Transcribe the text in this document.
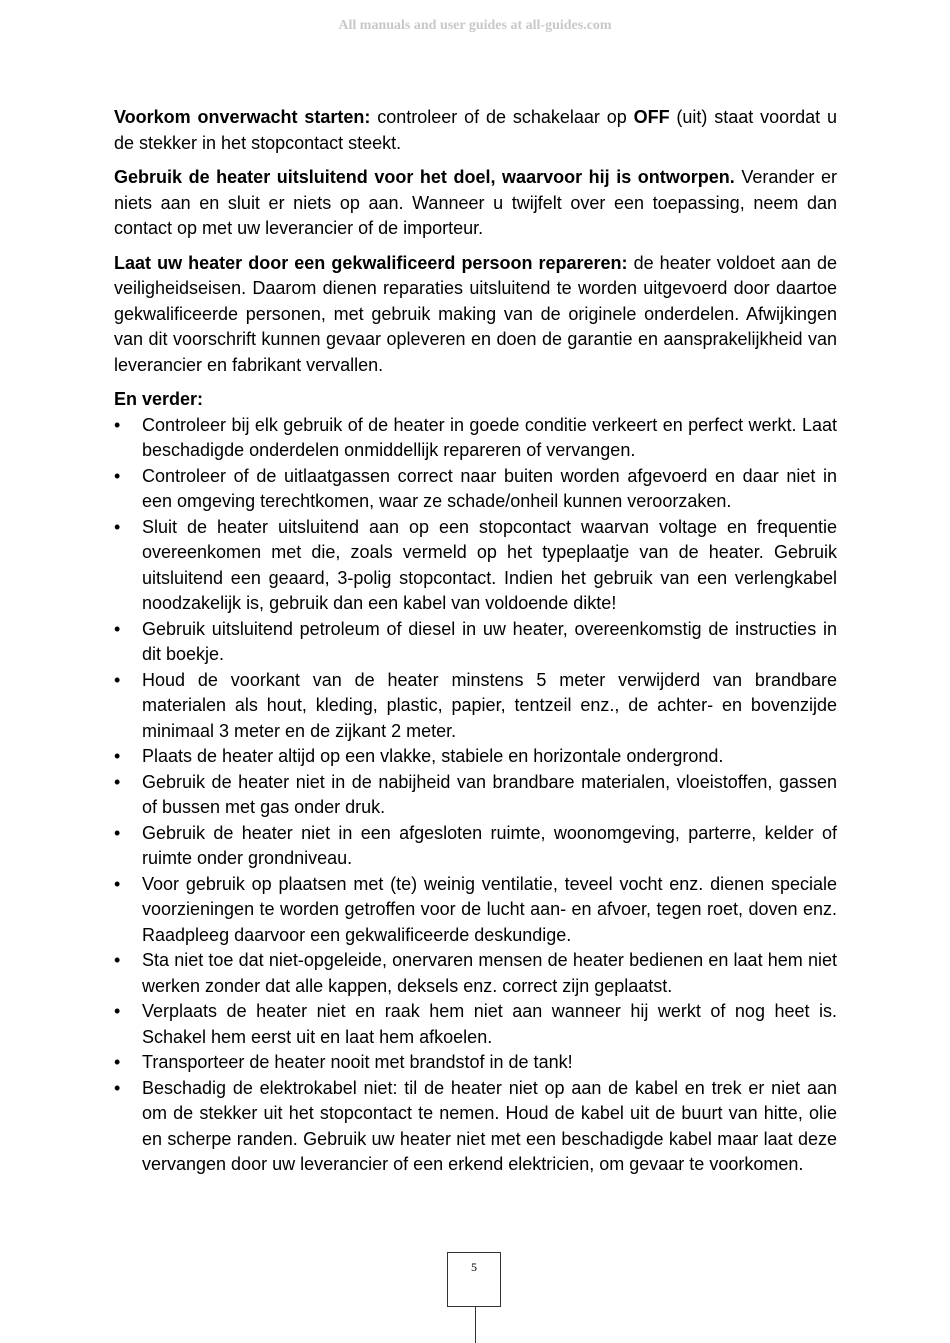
All manuals and user guides at all-guides.com

Voorkom onverwacht starten: controleer of de schakelaar op OFF (uit) staat voordat u de stekker in het stopcontact steekt.

Gebruik de heater uitsluitend voor het doel, waarvoor hij is ontworpen. Verander er niets aan en sluit er niets op aan. Wanneer u twijfelt over een toepassing, neem dan contact op met uw leverancier of de importeur.

Laat uw heater door een gekwalificeerd persoon repareren: de heater voldoet aan de veiligheidseisen. Daarom dienen reparaties uitsluitend te worden uitgevoerd door daartoe gekwalificeerde personen, met gebruik making van de originele onderdelen. Afwijkingen van dit voorschrift kunnen gevaar opleveren en doen de garantie en aansprakelijkheid van leverancier en fabrikant vervallen.

En verder:

•	Controleer bij elk gebruik of de heater in goede conditie verkeert en perfect werkt. Laat beschadigde onderdelen onmiddellijk repareren of vervangen.
•	Controleer of de uitlaatgassen correct naar buiten worden afgevoerd en daar niet in een omgeving terechtkomen, waar ze schade/onheil kunnen veroorzaken.
•	Sluit de heater uitsluitend aan op een stopcontact waarvan voltage en frequentie overeenkomen met die, zoals vermeld op het typeplaatje van de heater. Gebruik uitsluitend een geaard, 3-polig stopcontact. Indien het gebruik van een verlengkabel noodzakelijk is, gebruik dan een kabel van voldoende dikte!
•	Gebruik uitsluitend petroleum of diesel in uw heater, overeenkomstig de instructies in dit boekje.
•	Houd de voorkant van de heater minstens 5 meter verwijderd van brandbare materialen als hout, kleding, plastic, papier, tentzeil enz., de achter- en bovenzijde minimaal 3 meter en de zijkant 2 meter.
•	Plaats de heater altijd op een vlakke, stabiele en horizontale ondergrond.
•	Gebruik de heater niet in de nabijheid van brandbare materialen, vloeistoffen, gassen of bussen met gas onder druk.
•	Gebruik de heater niet in een afgesloten ruimte, woonomgeving, parterre, kelder of ruimte onder grondniveau.
•	Voor gebruik op plaatsen met (te) weinig ventilatie, teveel vocht enz. dienen speciale voorzieningen te worden getroffen voor de lucht aan- en afvoer, tegen roet, doven enz. Raadpleeg daarvoor een gekwalificeerde deskundige.
•	Sta niet toe dat niet-opgeleide, onervaren mensen de heater bedienen en laat hem niet werken zonder dat alle kappen, deksels enz. correct zijn geplaatst.
•	Verplaats de heater niet en raak hem niet aan wanneer hij werkt of nog heet is. Schakel hem eerst uit en laat hem afkoelen.
•	Transporteer de heater nooit met brandstof in de tank!
•	Beschadig de elektrokabel niet: til de heater niet op aan de kabel en trek er niet aan om de stekker uit het stopcontact te nemen. Houd de kabel uit de buurt van hitte, olie en scherpe randen. Gebruik uw heater niet met een beschadigde kabel maar laat deze vervangen door uw leverancier of een erkend elektricien, om gevaar te voorkomen.
5
